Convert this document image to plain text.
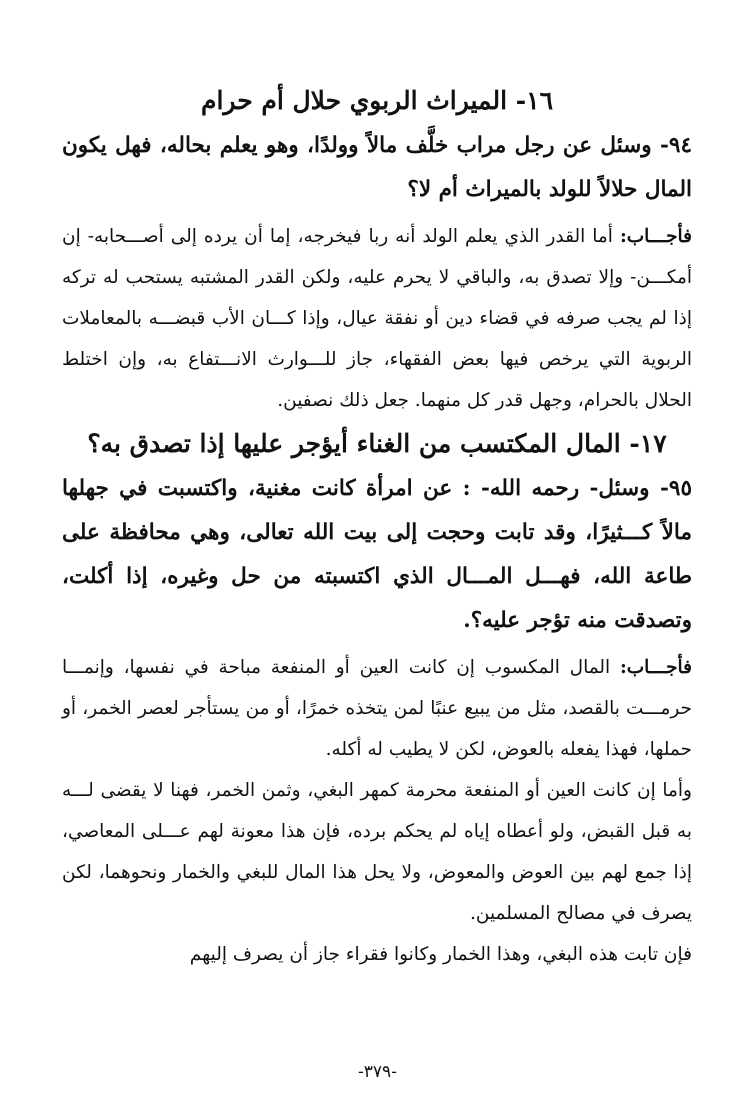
١٦- الميراث الربوي حلال أم حرام

٩٤- وسئل عن رجل مراب خلَّف مالاً وولدًا، وهو يعلم بحاله، فهل يكون المال حلالاً للولد بالميراث أم لا؟

فأجـــاب: أما القدر الذي يعلم الولد أنه ربا فيخرجه، إما أن يرده إلى أصـــحابه- إن أمكـــن- وإلا تصدق به، والباقي لا يحرم عليه، ولكن القدر المشتبه يستحب له تركه إذا لم يجب صرفه في قضاء دين أو نفقة عيال، وإذا كـــان الأب قبضـــه بالمعاملات الربوية التي يرخص فيها بعض الفقهاء، جاز للـــوارث الانـــتفاع به، وإن اختلط الحلال بالحرام، وجهل قدر كل منهما. جعل ذلك نصفين.

١٧- المال المكتسب من الغناء أيؤجر عليها إذا تصدق به؟

٩٥- وسئل- رحمه الله- : عن امرأة كانت مغنية، واكتسبت في جهلها مالاً كـــثيرًا، وقد تابت وحجت إلى بيت الله تعالى، وهي محافظة على طاعة الله، فهـــل المـــال الذي اكتسبته من حل وغيره، إذا أكلت، وتصدقت منه تؤجر عليه؟.

فأجـــاب: المال المكسوب إن كانت العين أو المنفعة مباحة في نفسها، وإنمـــا حرمـــت بالقصد، مثل من يبيع عنبًا لمن يتخذه خمرًا، أو من يستأجر لعصر الخمر، أو حملها، فهذا يفعله بالعوض، لكن لا يطيب له أكله.

وأما إن كانت العين أو المنفعة محرمة كمهر البغي، وثمن الخمر، فهنا لا يقضى لـــه به قبل القبض، ولو أعطاه إياه لم يحكم برده، فإن هذا معونة لهم عـــلى المعاصي، إذا جمع لهم بين العوض والمعوض، ولا يحل هذا المال للبغي والخمار ونحوهما، لكن يصرف في مصالح المسلمين.

فإن تابت هذه البغي، وهذا الخمار وكانوا فقراء جاز أن يصرف إليهم

-٣٧٩-
